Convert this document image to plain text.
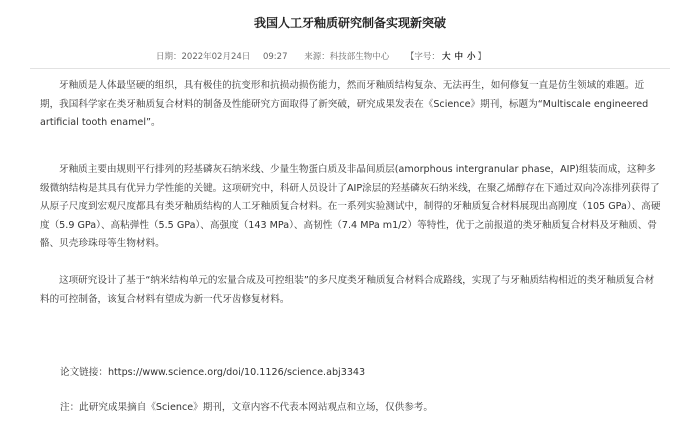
我国人工牙釉质研究制备实现新突破
日期：2022年02月24日 09:27 来源：科技部生物中心 【字号： 大 中 小 】

牙釉质是人体最坚硬的组织，具有极佳的抗变形和抗损动损伤能力，然而牙釉质结构复杂、无法再生，如何修复一直是仿生领域的难题。近期，我国科学家在类牙釉质复合材料的制备及性能研究方面取得了新突破，研究成果发表在《Science》期刊，标题为“Multiscale engineered artificial tooth enamel”。

牙釉质主要由规则平行排列的羟基磷灰石纳米线、少量生物蛋白质及非晶间质层(amorphous intergranular phase，AIP)组装而成，这种多级微纳结构是其具有优异力学性能的关键。这项研究中，科研人员设计了AIP涂层的羟基磷灰石纳米线，在聚乙烯醇存在下通过双向冷冻排列获得了从原子尺度到宏观尺度都具有类牙釉质结构的人工牙釉质复合材料。在一系列实验测试中，制得的牙釉质复合材料展现出高刚度（105 GPa）、高硬度（5.9 GPa）、高粘弹性（5.5 GPa）、高强度（143 MPa）、高韧性（7.4 MPa m1/2）等特性，优于之前报道的类牙釉质复合材料及牙釉质、骨骼、贝壳珍珠母等生物材料。

这项研究设计了基于“纳米结构单元的宏量合成及可控组装”的多尺度类牙釉质复合材料合成路线，实现了与牙釉质结构相近的类牙釉质复合材料的可控制备，该复合材料有望成为新一代牙齿修复材料。

论文链接：https://www.science.org/doi/10.1126/science.abj3343
注：此研究成果摘自《Science》期刊，文章内容不代表本网站观点和立场，仅供参考。
